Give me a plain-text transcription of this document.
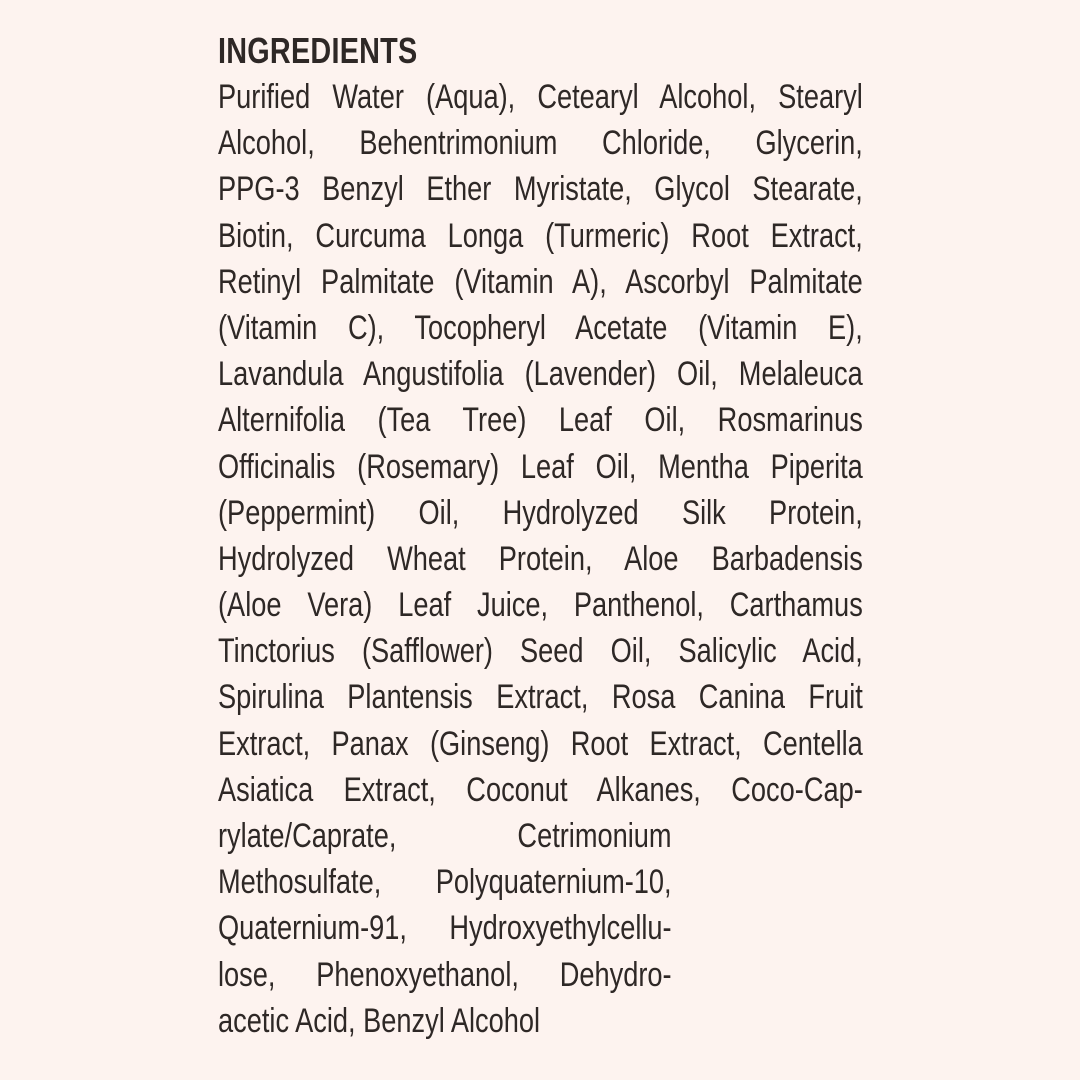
INGREDIENTS
Purified Water (Aqua), Cetearyl Alcohol, Stearyl
Alcohol, Behentrimonium Chloride, Glycerin,
PPG-3 Benzyl Ether Myristate, Glycol Stearate,
Biotin, Curcuma Longa (Turmeric) Root Extract,
Retinyl Palmitate (Vitamin A), Ascorbyl Palmitate
(Vitamin C), Tocopheryl Acetate (Vitamin E),
Lavandula Angustifolia (Lavender) Oil, Melaleuca
Alternifolia (Tea Tree) Leaf Oil, Rosmarinus
Officinalis (Rosemary) Leaf Oil, Mentha Piperita
(Peppermint) Oil, Hydrolyzed Silk Protein,
Hydrolyzed Wheat Protein, Aloe Barbadensis
(Aloe Vera) Leaf Juice, Panthenol, Carthamus
Tinctorius (Safflower) Seed Oil, Salicylic Acid,
Spirulina Plantensis Extract, Rosa Canina Fruit
Extract, Panax (Ginseng) Root Extract, Centella
Asiatica Extract, Coconut Alkanes, Coco-Cap-
rylate/Caprate, Cetrimonium
Methosulfate, Polyquaternium-10,
Quaternium-91, Hydroxyethylcellu-
lose, Phenoxyethanol, Dehydro-
acetic Acid, Benzyl Alcohol
